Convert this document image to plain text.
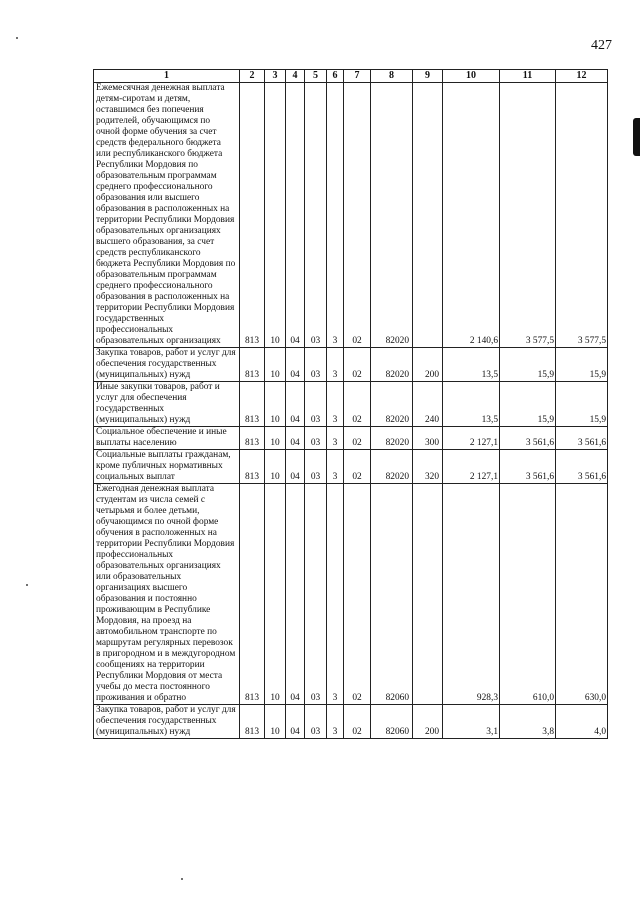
427
1	2	3	4	5	6	7	8	9	10	11	12
Ежемесячная денежная выплата детям-сиротам и детям, оставшимся без попечения родителей, обучающимся по очной форме обучения за счет средств федерального бюджета или республиканского бюджета Республики Мордовия по образовательным программам среднего профессионального образования или высшего образования в расположенных на территории Республики Мордовия образовательных организациях высшего образования, за счет средств республиканского бюджета Республики Мордовия по образовательным программам среднего профессионального образования в расположенных на территории Республики Мордовия государственных профессиональных образовательных организациях	813	10	04	03	3	02	82020		2 140,6	3 577,5	3 577,5
Закупка товаров, работ и услуг для обеспечения государственных (муниципальных) нужд	813	10	04	03	3	02	82020	200	13,5	15,9	15,9
Иные закупки товаров, работ и услуг для обеспечения государственных (муниципальных) нужд	813	10	04	03	3	02	82020	240	13,5	15,9	15,9
Социальное обеспечение и иные выплаты населению	813	10	04	03	3	02	82020	300	2 127,1	3 561,6	3 561,6
Социальные выплаты гражданам, кроме публичных нормативных социальных выплат	813	10	04	03	3	02	82020	320	2 127,1	3 561,6	3 561,6
Ежегодная денежная выплата студентам из числа семей с четырьмя и более детьми, обучающимся по очной форме обучения в расположенных на территории Республики Мордовия профессиональных образовательных организациях или образовательных организациях высшего образования и постоянно проживающим в Республике Мордовия, на проезд на автомобильном транспорте по маршрутам регулярных перевозок в пригородном и в междугородном сообщениях на территории Республики Мордовия от места учебы до места постоянного проживания и обратно	813	10	04	03	3	02	82060		928,3	610,0	630,0
Закупка товаров, работ и услуг для обеспечения государственных (муниципальных) нужд	813	10	04	03	3	02	82060	200	3,1	3,8	4,0
